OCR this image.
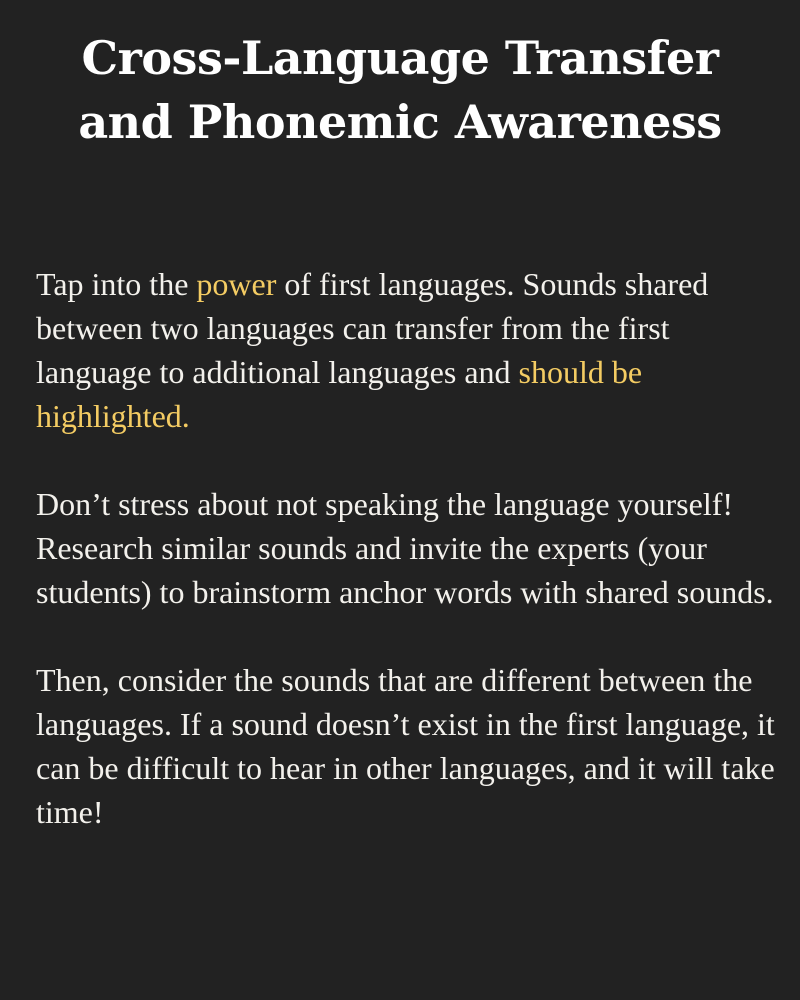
Cross-Language Transfer
and Phonemic Awareness

Tap into the power of first languages. Sounds shared between two languages can transfer from the first language to additional languages and should be highlighted.

Don’t stress about not speaking the language yourself! Research similar sounds and invite the experts (your students) to brainstorm anchor words with shared sounds.

Then, consider the sounds that are different between the languages. If a sound doesn’t exist in the first language, it can be difficult to hear in other languages, and it will take time!
